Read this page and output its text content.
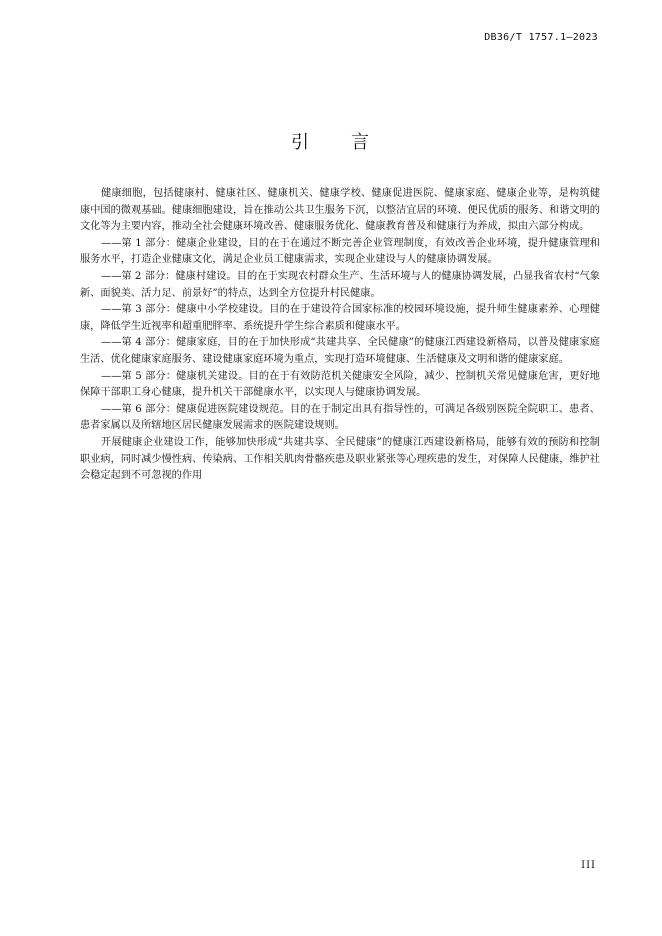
DB36/T 1757.1—2023
引 言

健康细胞，包括健康村、健康社区、健康机关、健康学校、健康促进医院、健康家庭、健康企业等，是构筑健康中国的微观基础。健康细胞建设，旨在推动公共卫生服务下沉，以整洁宜居的环境、便民优质的服务、和谐文明的文化等为主要内容，推动全社会健康环境改善、健康服务优化、健康教育普及和健康行为养成，拟由六部分构成。

——第 1 部分：健康企业建设，目的在于在通过不断完善企业管理制度，有效改善企业环境，提升健康管理和服务水平，打造企业健康文化，满足企业员工健康需求，实现企业建设与人的健康协调发展。

——第 2 部分：健康村建设。目的在于实现农村群众生产、生活环境与人的健康协调发展，凸显我省农村“气象新、面貌美、活力足、前景好”的特点，达到全方位提升村民健康。

——第 3 部分：健康中小学校建设。目的在于建设符合国家标准的校园环境设施，提升师生健康素养、心理健康，降低学生近视率和超重肥胖率、系统提升学生综合素质和健康水平。

——第 4 部分：健康家庭，目的在于加快形成“共建共享、全民健康”的健康江西建设新格局，以普及健康家庭生活、优化健康家庭服务、建设健康家庭环境为重点，实现打造环境健康、生活健康及文明和谐的健康家庭。

——第 5 部分：健康机关建设。目的在于有效防范机关健康安全风险，减少、控制机关常见健康危害，更好地保障干部职工身心健康，提升机关干部健康水平，以实现人与健康协调发展。

——第 6 部分：健康促进医院建设规范。目的在于制定出具有指导性的，可满足各级别医院全院职工、患者、患者家属以及所辖地区居民健康发展需求的医院建设规则。

开展健康企业建设工作，能够加快形成“共建共享、全民健康”的健康江西建设新格局，能够有效的预防和控制职业病，同时减少慢性病、传染病、工作相关肌肉骨骼疾患及职业紧张等心理疾患的发生，对保障人民健康，维护社会稳定起到不可忽视的作用

III
